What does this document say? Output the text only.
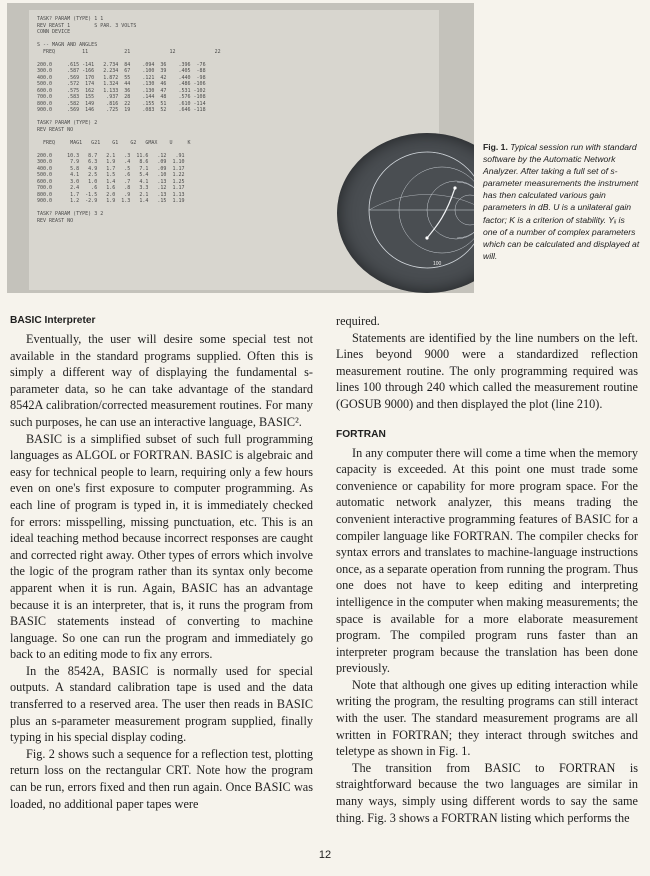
TASK? PARAM (TYPE) 1 1
REV REAST 1        S PAR. 3 VOLTS
CONN DEVICE
S -- MAGN AND ANGLES
FREQ         11            21             12             22
200.0     .615 -141   2.734  84    .094  36    .396  -76
300.0     .587 -166   2.234  67    .100  39    .405  -88
400.0     .569  170   1.872  55    .121  42    .440  -98
500.0     .572  174   1.324  44    .130  46    .486 -106
600.0     .575  162   1.133  36    .130  47    .531 -102
700.0     .583  155    .937  28    .144  48    .576 -108
800.0     .582  149    .816  22    .155  51    .610 -114
900.0     .569  146    .725  19    .083  52    .646 -118
TASK? PARAM (TYPE) 2
REV REAST NO
FREQ     MAG1   G21    G1    G2   GMAX    U     K
200.0     10.3   8.7   2.1   .3  11.6   .12   .91
300.0      7.9   6.3   1.9   .4   8.6   .09  1.10
400.0      5.8   4.9   1.7   .5   7.1   .09  1.17
500.0      4.1   2.5   1.5   .6   5.4   .10  1.22
600.0      3.0   1.0   1.4   .7   4.1   .13  1.25
700.0      2.4    .6   1.6   .8   3.3   .12  1.17
800.0      1.7  -1.5   2.0   .9   2.1   .13  1.13
900.0      1.2  -2.9   1.9  1.3   1.4   .15  1.19
TASK? PARAM (TYPE) 3 2
REV REAST NO
100
Fig. 1. Typical session run with standard software by the Automatic Network Analyzer. After taking a full set of s-parameter measurements the instrument has then calculated various gain parameters in dB. U is a unilateral gain factor; K is a criterion of stability. Yᵢᵢ is one of a number of complex parameters which can be calculated and displayed at will.
BASIC Interpreter

Eventually, the user will desire some special test not available in the standard programs supplied. Often this is simply a different way of displaying the fundamental s-parameter data, so he can take advantage of the standard 8542A calibration/corrected measurement routines. For many such purposes, he can use an interactive language, BASIC².

BASIC is a simplified subset of such full programming languages as ALGOL or FORTRAN. BASIC is algebraic and easy for technical people to learn, requiring only a few hours even on one's first exposure to computer programming. As each line of program is typed in, it is immediately checked for errors: misspelling, missing punctuation, etc. This is an ideal teaching method because incorrect responses are caught and corrected right away. Other types of errors which involve the logic of the program rather than its syntax only become apparent when it is run. Again, BASIC has an advantage because it is an interpreter, that is, it runs the program from BASIC statements instead of converting to machine language. So one can run the program and immediately go back to an editing mode to fix any errors.

In the 8542A, BASIC is normally used for special outputs. A standard calibration tape is used and the data transferred to a reserved area. The user then reads in BASIC plus an s-parameter measurement program supplied, finally typing in his special display coding.

Fig. 2 shows such a sequence for a reflection test, plotting return loss on the rectangular CRT. Note how the program can be run, errors fixed and then run again. Once BASIC was loaded, no additional paper tapes were

required.

Statements are identified by the line numbers on the left. Lines beyond 9000 were a standardized reflection measurement routine. The only programming required was lines 100 through 240 which called the measurement routine (GOSUB 9000) and then displayed the plot (line 210).

FORTRAN

In any computer there will come a time when the memory capacity is exceeded. At this point one must trade some convenience or capability for more program space. For the automatic network analyzer, this means trading the convenient interactive programming features of BASIC for a compiler language like FORTRAN. The compiler checks for syntax errors and translates to machine-language instructions once, as a separate operation from running the program. Thus one does not have to keep editing and interpreting intelligence in the computer when making measurements; the space is available for a more elaborate measurement program. The compiled program runs faster than an interpreter program because the translation has been done previously.

Note that although one gives up editing interaction while writing the program, the resulting programs can still interact with the user. The standard measurement programs are all written in FORTRAN; they interact through switches and teletype as shown in Fig. 1.

The transition from BASIC to FORTRAN is straightforward because the two languages are similar in many ways, simply using different words to say the same thing. Fig. 3 shows a FORTRAN listing which performs the

12
